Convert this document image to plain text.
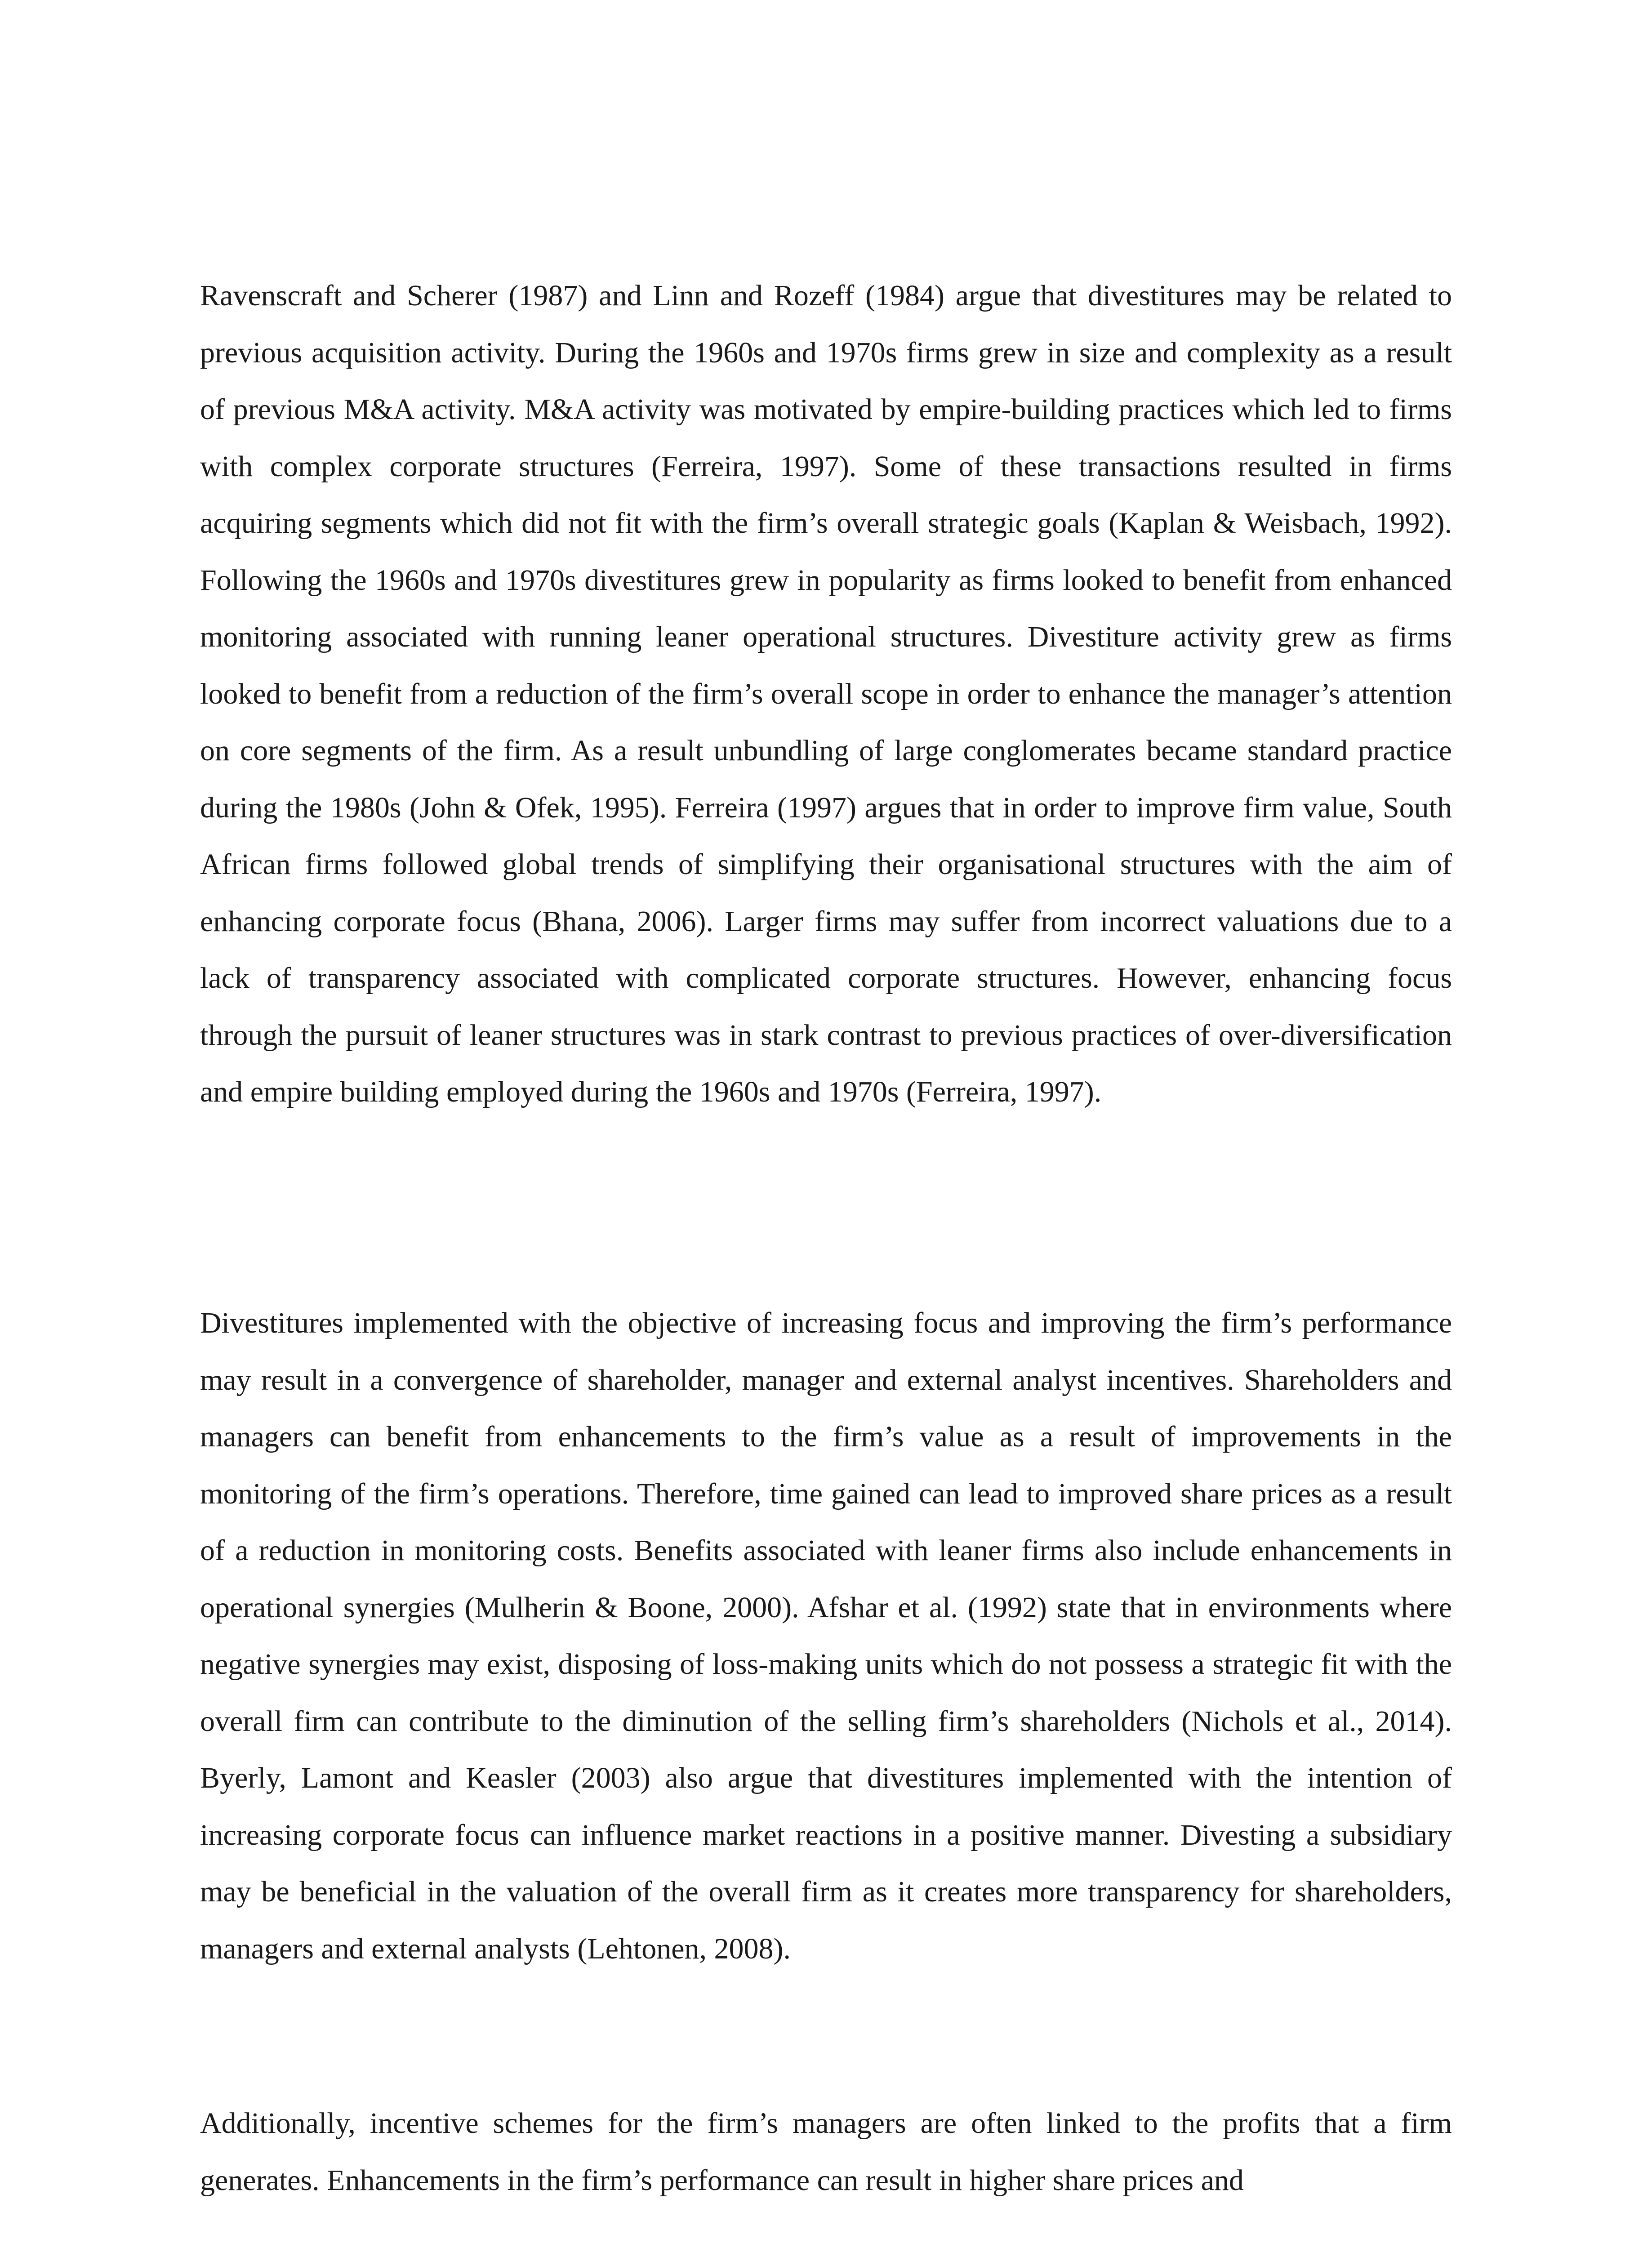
Ravenscraft and Scherer (1987) and Linn and Rozeff (1984) argue that divestitures may be related to previous acquisition activity. During the 1960s and 1970s firms grew in size and complexity as a result of previous M&A activity. M&A activity was motivated by empire-building practices which led to firms with complex corporate structures (Ferreira, 1997). Some of these transactions resulted in firms acquiring segments which did not fit with the firm’s overall strategic goals (Kaplan & Weisbach, 1992). Following the 1960s and 1970s divestitures grew in popularity as firms looked to benefit from enhanced monitoring associated with running leaner operational structures. Divestiture activity grew as firms looked to benefit from a reduction of the firm’s overall scope in order to enhance the manager’s attention on core segments of the firm. As a result unbundling of large conglomerates became standard practice during the 1980s (John & Ofek, 1995). Ferreira (1997) argues that in order to improve firm value, South African firms followed global trends of simplifying their organisational structures with the aim of enhancing corporate focus (Bhana, 2006). Larger firms may suffer from incorrect valuations due to a lack of transparency associated with complicated corporate structures. However, enhancing focus through the pursuit of leaner structures was in stark contrast to previous practices of over-diversification and empire building employed during the 1960s and 1970s (Ferreira, 1997).

Divestitures implemented with the objective of increasing focus and improving the firm’s performance may result in a convergence of shareholder, manager and external analyst incentives. Shareholders and managers can benefit from enhancements to the firm’s value as a result of improvements in the monitoring of the firm’s operations. Therefore, time gained can lead to improved share prices as a result of a reduction in monitoring costs. Benefits associated with leaner firms also include enhancements in operational synergies (Mulherin & Boone, 2000). Afshar et al. (1992) state that in environments where negative synergies may exist, disposing of loss-making units which do not possess a strategic fit with the overall firm can contribute to the diminution of the selling firm’s shareholders (Nichols et al., 2014). Byerly, Lamont and Keasler (2003) also argue that divestitures implemented with the intention of increasing corporate focus can influence market reactions in a positive manner. Divesting a subsidiary may be beneficial in the valuation of the overall firm as it creates more transparency for shareholders, managers and external analysts (Lehtonen, 2008).

Additionally, incentive schemes for the firm’s managers are often linked to the profits that a firm generates. Enhancements in the firm’s performance can result in higher share prices and
